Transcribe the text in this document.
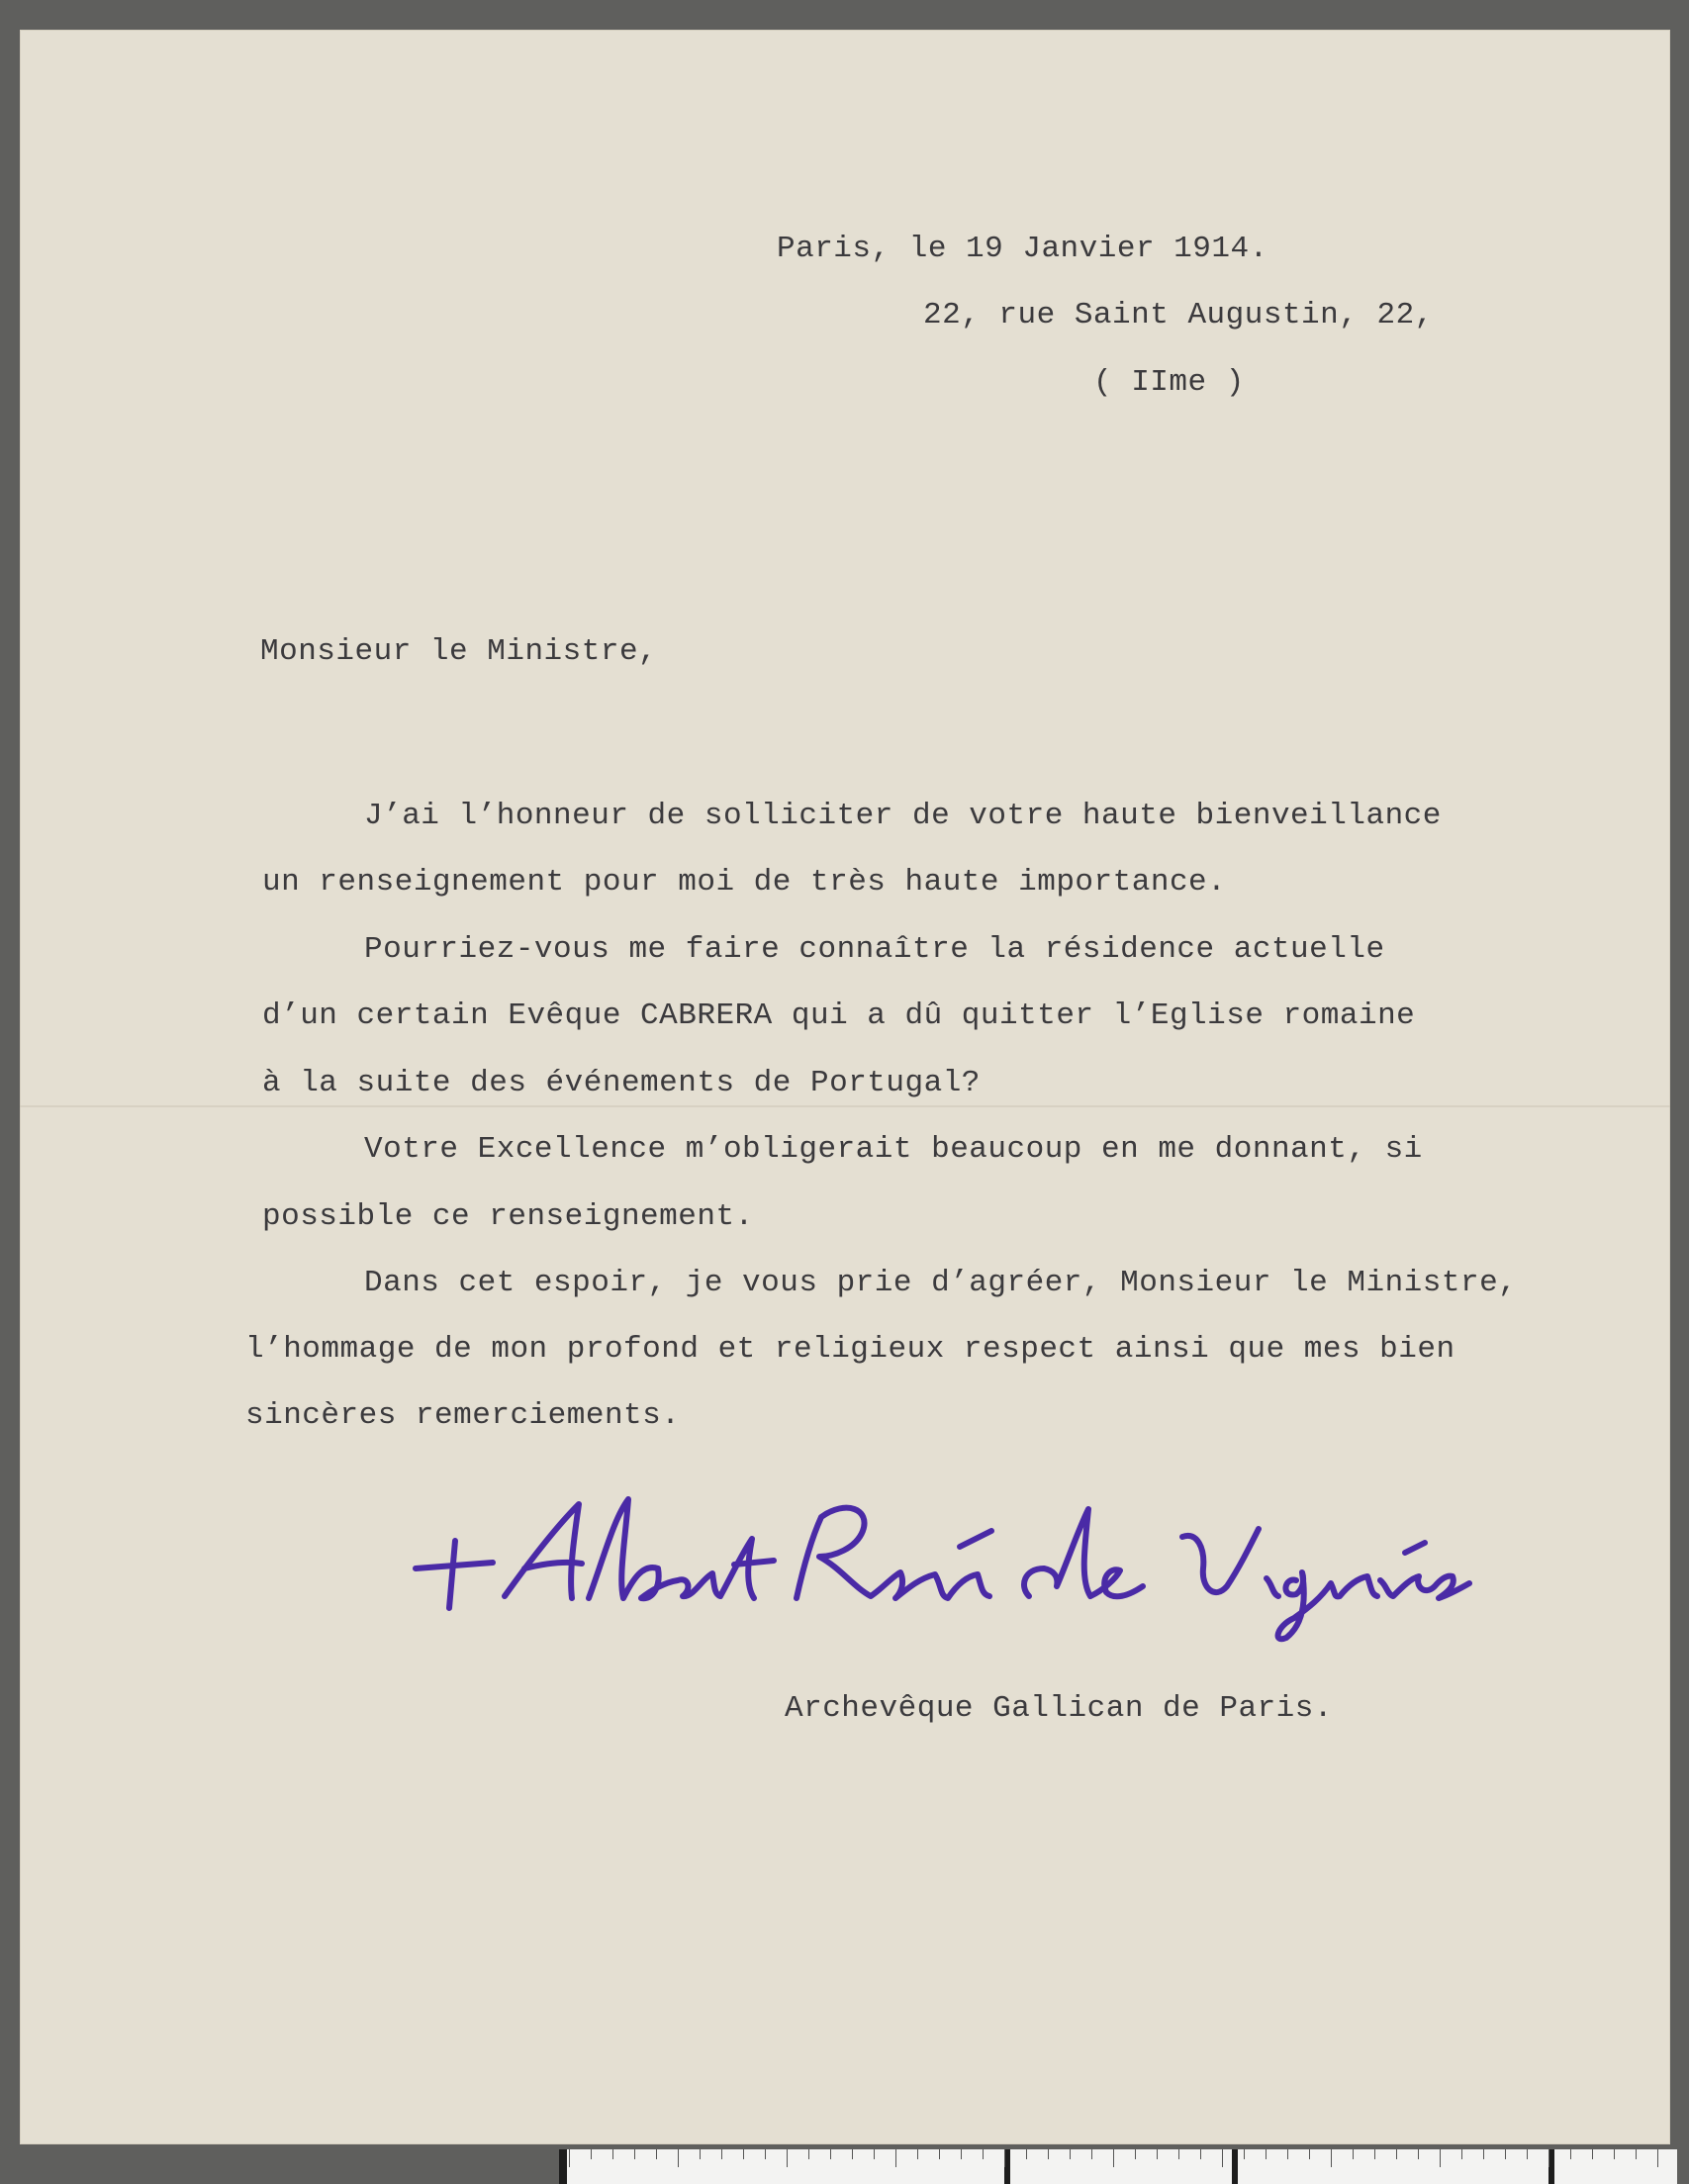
Paris, le 19 Janvier 1914.
22, rue Saint Augustin, 22,
( IIme )
Monsieur le Ministre,
J’ai l’honneur de solliciter de votre haute bienveillance
un renseignement pour moi de très haute importance.
Pourriez-vous me faire connaître la résidence actuelle
d’un certain Evêque CABRERA qui a dû quitter l’Eglise romaine
à la suite des événements de Portugal?
Votre Excellence m’obligerait beaucoup en me donnant, si
possible ce renseignement.
Dans cet espoir, je vous prie d’agréer, Monsieur le Ministre,
l’hommage de mon profond et religieux respect ainsi que mes bien
sincères remerciements.
Archevêque Gallican de Paris.
